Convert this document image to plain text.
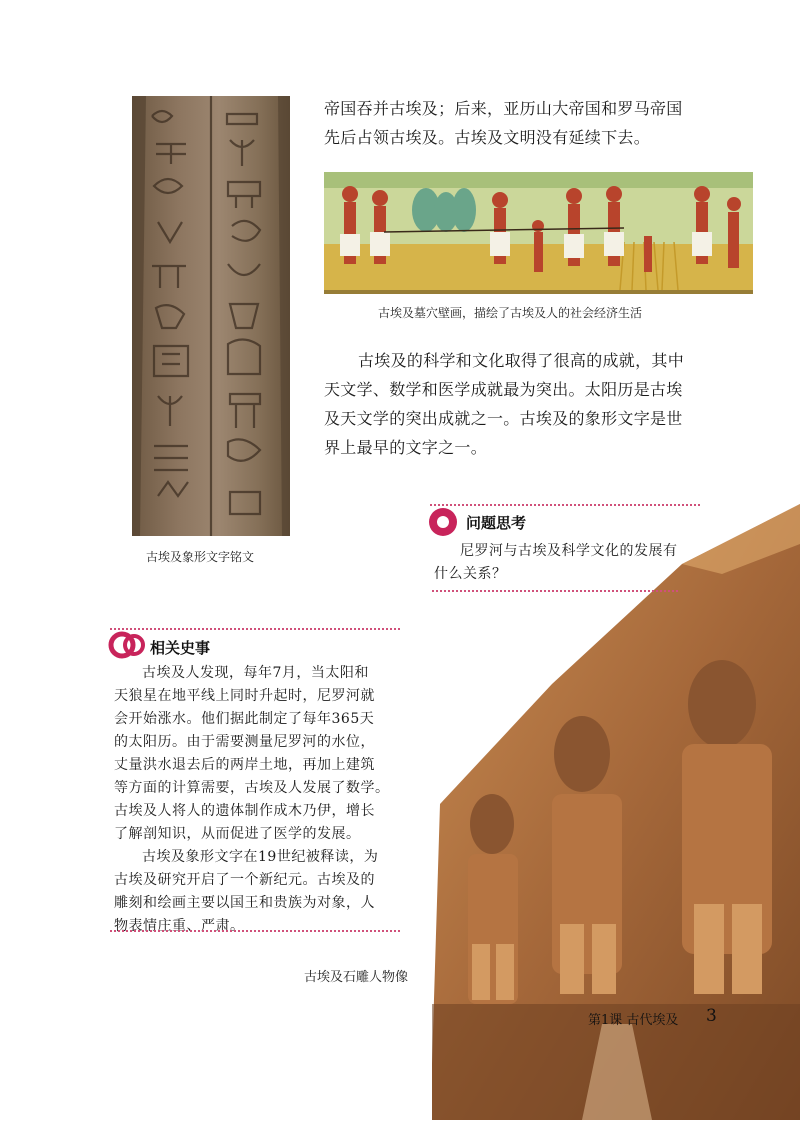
古埃及象形文字铭文
帝国吞并古埃及；后来，亚历山大帝国和罗马帝国
先后占领古埃及。古埃及文明没有延续下去。
古埃及墓穴壁画，描绘了古埃及人的社会经济生活
古埃及的科学和文化取得了很高的成就，其中
天文学、数学和医学成就最为突出。太阳历是古埃
及天文学的突出成就之一。古埃及的象形文字是世
界上最早的文字之一。
问题思考
尼罗河与古埃及科学文化的发展有
什么关系？
相关史事
古埃及人发现，每年7月，当太阳和
天狼星在地平线上同时升起时，尼罗河就
会开始涨水。他们据此制定了每年365天
的太阳历。由于需要测量尼罗河的水位，
丈量洪水退去后的两岸土地，再加上建筑
等方面的计算需要，古埃及人发展了数学。
古埃及人将人的遗体制作成木乃伊，增长
了解剖知识，从而促进了医学的发展。
古埃及象形文字在19世纪被释读，为
古埃及研究开启了一个新纪元。古埃及的
雕刻和绘画主要以国王和贵族为对象，人
物表情庄重、严肃。
古埃及石雕人物像
第1课 古代埃及 3
